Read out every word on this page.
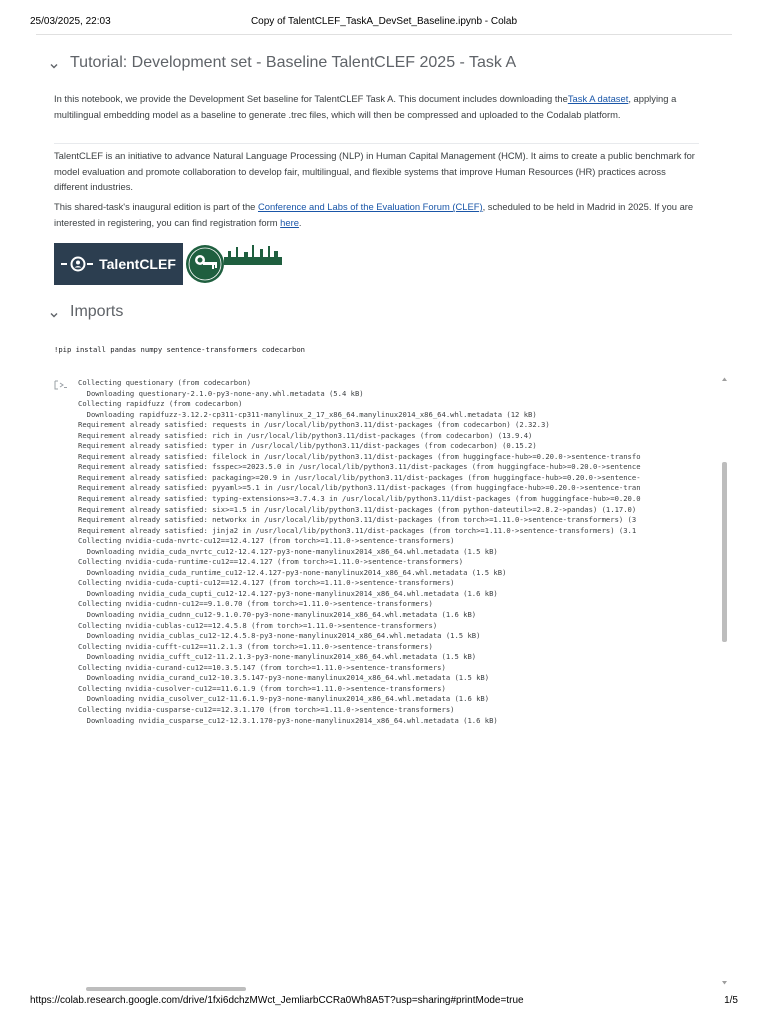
25/03/2025, 22:03	Copy of TalentCLEF_TaskA_DevSet_Baseline.ipynb - Colab
Tutorial: Development set - Baseline TalentCLEF 2025 - Task A
In this notebook, we provide the Development Set baseline for TalentCLEF Task A. This document includes downloading theTask A dataset, applying a multilingual embedding model as a baseline to generate .trec files, which will then be compressed and uploaded to the Codalab platform.
TalentCLEF is an initiative to advance Natural Language Processing (NLP) in Human Capital Management (HCM). It aims to create a public benchmark for model evaluation and promote collaboration to develop fair, multilingual, and flexible systems that improve Human Resources (HR) practices across different industries.
This shared-task's inaugural edition is part of the Conference and Labs of the Evaluation Forum (CLEF), scheduled to be held in Madrid in 2025. If you are interested in registering, you can find registration form here.
TalentCLEF
Imports
!pip install pandas numpy sentence-transformers codecarbon
Collecting questionary (from codecarbon)
Downloading questionary-2.1.0-py3-none-any.whl.metadata (5.4 kB)
Collecting rapidfuzz (from codecarbon)
Downloading rapidfuzz-3.12.2-cp311-cp311-manylinux_2_17_x86_64.manylinux2014_x86_64.whl.metadata (12 kB)
Requirement already satisfied: requests in /usr/local/lib/python3.11/dist-packages (from codecarbon) (2.32.3)
Requirement already satisfied: rich in /usr/local/lib/python3.11/dist-packages (from codecarbon) (13.9.4)
Requirement already satisfied: typer in /usr/local/lib/python3.11/dist-packages (from codecarbon) (0.15.2)
Requirement already satisfied: filelock in /usr/local/lib/python3.11/dist-packages (from huggingface-hub>=0.20.0->sentence-transfo
Requirement already satisfied: fsspec>=2023.5.0 in /usr/local/lib/python3.11/dist-packages (from huggingface-hub>=0.20.0->sentence
Requirement already satisfied: packaging>=20.9 in /usr/local/lib/python3.11/dist-packages (from huggingface-hub>=0.20.0->sentence-
Requirement already satisfied: pyyaml>=5.1 in /usr/local/lib/python3.11/dist-packages (from huggingface-hub>=0.20.0->sentence-tran
Requirement already satisfied: typing-extensions>=3.7.4.3 in /usr/local/lib/python3.11/dist-packages (from huggingface-hub>=0.20.0
Requirement already satisfied: six>=1.5 in /usr/local/lib/python3.11/dist-packages (from python-dateutil>=2.8.2->pandas) (1.17.0)
Requirement already satisfied: networkx in /usr/local/lib/python3.11/dist-packages (from torch>=1.11.0->sentence-transformers) (3
Requirement already satisfied: jinja2 in /usr/local/lib/python3.11/dist-packages (from torch>=1.11.0->sentence-transformers) (3.1
Collecting nvidia-cuda-nvrtc-cu12==12.4.127 (from torch>=1.11.0->sentence-transformers)
Downloading nvidia_cuda_nvrtc_cu12-12.4.127-py3-none-manylinux2014_x86_64.whl.metadata (1.5 kB)
Collecting nvidia-cuda-runtime-cu12==12.4.127 (from torch>=1.11.0->sentence-transformers)
Downloading nvidia_cuda_runtime_cu12-12.4.127-py3-none-manylinux2014_x86_64.whl.metadata (1.5 kB)
Collecting nvidia-cuda-cupti-cu12==12.4.127 (from torch>=1.11.0->sentence-transformers)
Downloading nvidia_cuda_cupti_cu12-12.4.127-py3-none-manylinux2014_x86_64.whl.metadata (1.6 kB)
Collecting nvidia-cudnn-cu12==9.1.0.70 (from torch>=1.11.0->sentence-transformers)
Downloading nvidia_cudnn_cu12-9.1.0.70-py3-none-manylinux2014_x86_64.whl.metadata (1.6 kB)
Collecting nvidia-cublas-cu12==12.4.5.8 (from torch>=1.11.0->sentence-transformers)
Downloading nvidia_cublas_cu12-12.4.5.8-py3-none-manylinux2014_x86_64.whl.metadata (1.5 kB)
Collecting nvidia-cufft-cu12==11.2.1.3 (from torch>=1.11.0->sentence-transformers)
Downloading nvidia_cufft_cu12-11.2.1.3-py3-none-manylinux2014_x86_64.whl.metadata (1.5 kB)
Collecting nvidia-curand-cu12==10.3.5.147 (from torch>=1.11.0->sentence-transformers)
Downloading nvidia_curand_cu12-10.3.5.147-py3-none-manylinux2014_x86_64.whl.metadata (1.5 kB)
Collecting nvidia-cusolver-cu12==11.6.1.9 (from torch>=1.11.0->sentence-transformers)
Downloading nvidia_cusolver_cu12-11.6.1.9-py3-none-manylinux2014_x86_64.whl.metadata (1.6 kB)
Collecting nvidia-cusparse-cu12==12.3.1.170 (from torch>=1.11.0->sentence-transformers)
Downloading nvidia_cusparse_cu12-12.3.1.170-py3-none-manylinux2014_x86_64.whl.metadata (1.6 kB)
https://colab.research.google.com/drive/1fxi6dchzMWct_JemliarbCCRa0Wh8A5T?usp=sharing#printMode=true	1/5
